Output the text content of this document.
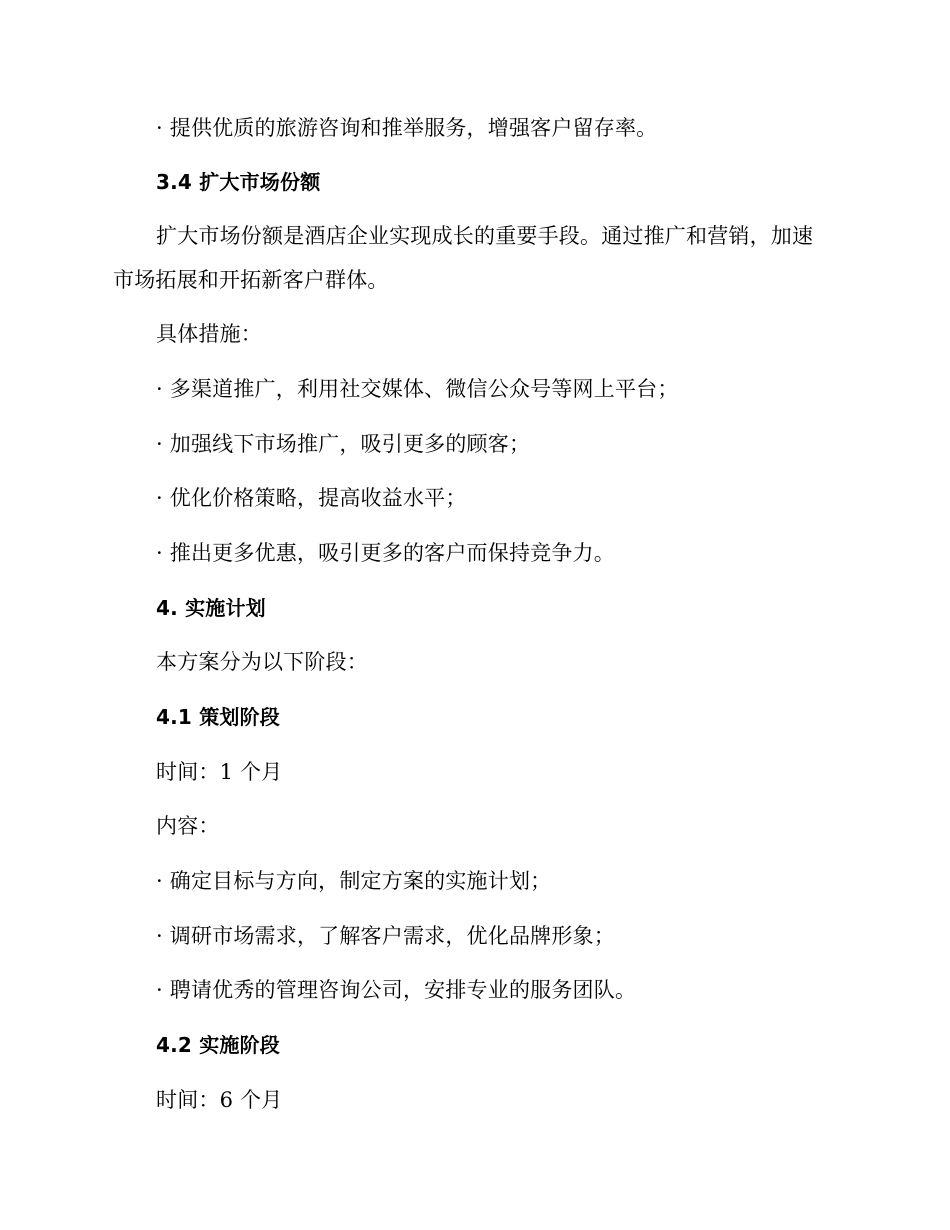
· 提供优质的旅游咨询和推举服务，增强客户留存率。
3.4 扩大市场份额
扩大市场份额是酒店企业实现成长的重要手段。通过推广和营销，加速
市场拓展和开拓新客户群体。
具体措施：
· 多渠道推广，利用社交媒体、微信公众号等网上平台；
· 加强线下市场推广，吸引更多的顾客；
· 优化价格策略，提高收益水平；
· 推出更多优惠，吸引更多的客户而保持竞争力。
4. 实施计划
本方案分为以下阶段：
4.1 策划阶段
时间：1 个月
内容：
· 确定目标与方向，制定方案的实施计划；
· 调研市场需求，了解客户需求，优化品牌形象；
· 聘请优秀的管理咨询公司，安排专业的服务团队。
4.2 实施阶段
时间：6 个月
